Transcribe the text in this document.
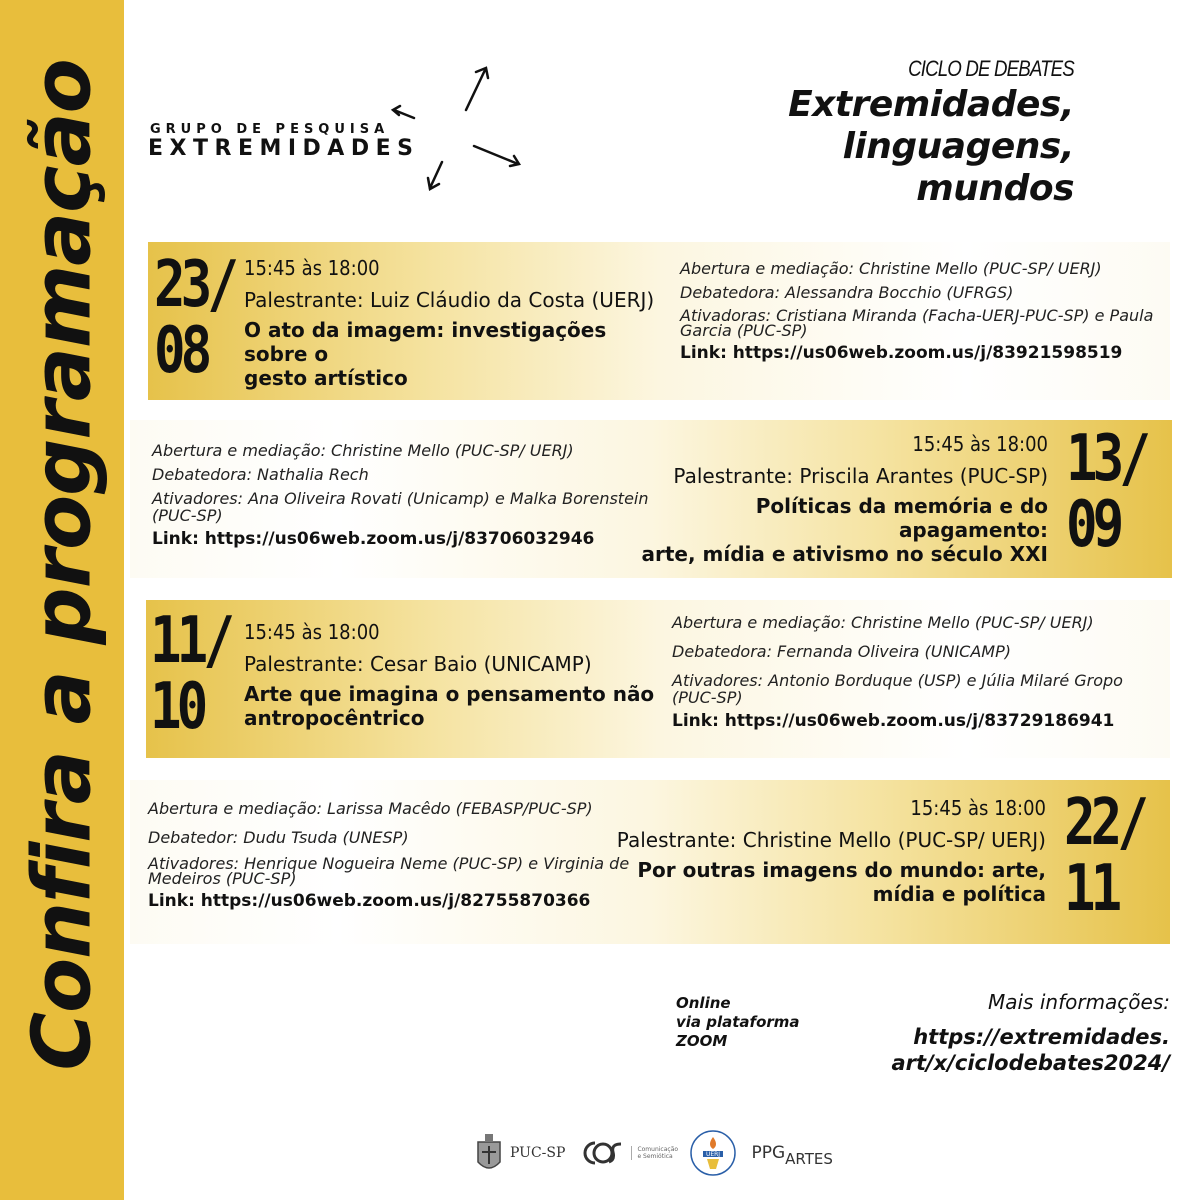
Confira a programação	GRUPO DE PESQUISA
EXTREMIDADES
CICLO DE DEBATES
Extremidades,
linguagens,
mundos
23/
08
15:45 às 18:00
Palestrante: Luiz Cláudio da Costa (UERJ)
O ato da imagem: investigações sobre o
gesto artístico
Abertura e mediação: Christine Mello (PUC-SP/ UERJ)
Debatedora: Alessandra Bocchio (UFRGS)
Ativadoras: Cristiana Miranda (Facha-UERJ-PUC-SP) e Paula Garcia (PUC-SP)
Link: https://us06web.zoom.us/j/83921598519
Abertura e mediação: Christine Mello (PUC-SP/ UERJ)
Debatedora: Nathalia Rech
Ativadores: Ana Oliveira Rovati (Unicamp) e Malka Borenstein (PUC-SP)
Link: https://us06web.zoom.us/j/83706032946
15:45 às 18:00
Palestrante: Priscila Arantes (PUC-SP)
Políticas da memória e do apagamento:
arte, mídia e ativismo no século XXI
13/
09
11/
10
15:45 às 18:00
Palestrante: Cesar Baio (UNICAMP)
Arte que imagina o pensamento não
antropocêntrico
Abertura e mediação: Christine Mello (PUC-SP/ UERJ)
Debatedora: Fernanda Oliveira (UNICAMP)
Ativadores: Antonio Borduque (USP) e Júlia Milaré Gropo (PUC-SP)
Link: https://us06web.zoom.us/j/83729186941
Abertura e mediação: Larissa Macêdo (FEBASP/PUC-SP)
Debatedor: Dudu Tsuda (UNESP)
Ativadores: Henrique Nogueira Neme (PUC-SP) e Virginia de Medeiros (PUC-SP)
Link: https://us06web.zoom.us/j/82755870366
15:45 às 18:00
Palestrante: Christine Mello (PUC-SP/ UERJ)
Por outras imagens do mundo: arte,
mídia e política
22/
11
Online
via plataforma
ZOOM
Mais informações:
https://extremidades.
art/x/ciclodebates2024/
PUC-SP	Comunicação e Semiótica	UERJ PPG ARTES
